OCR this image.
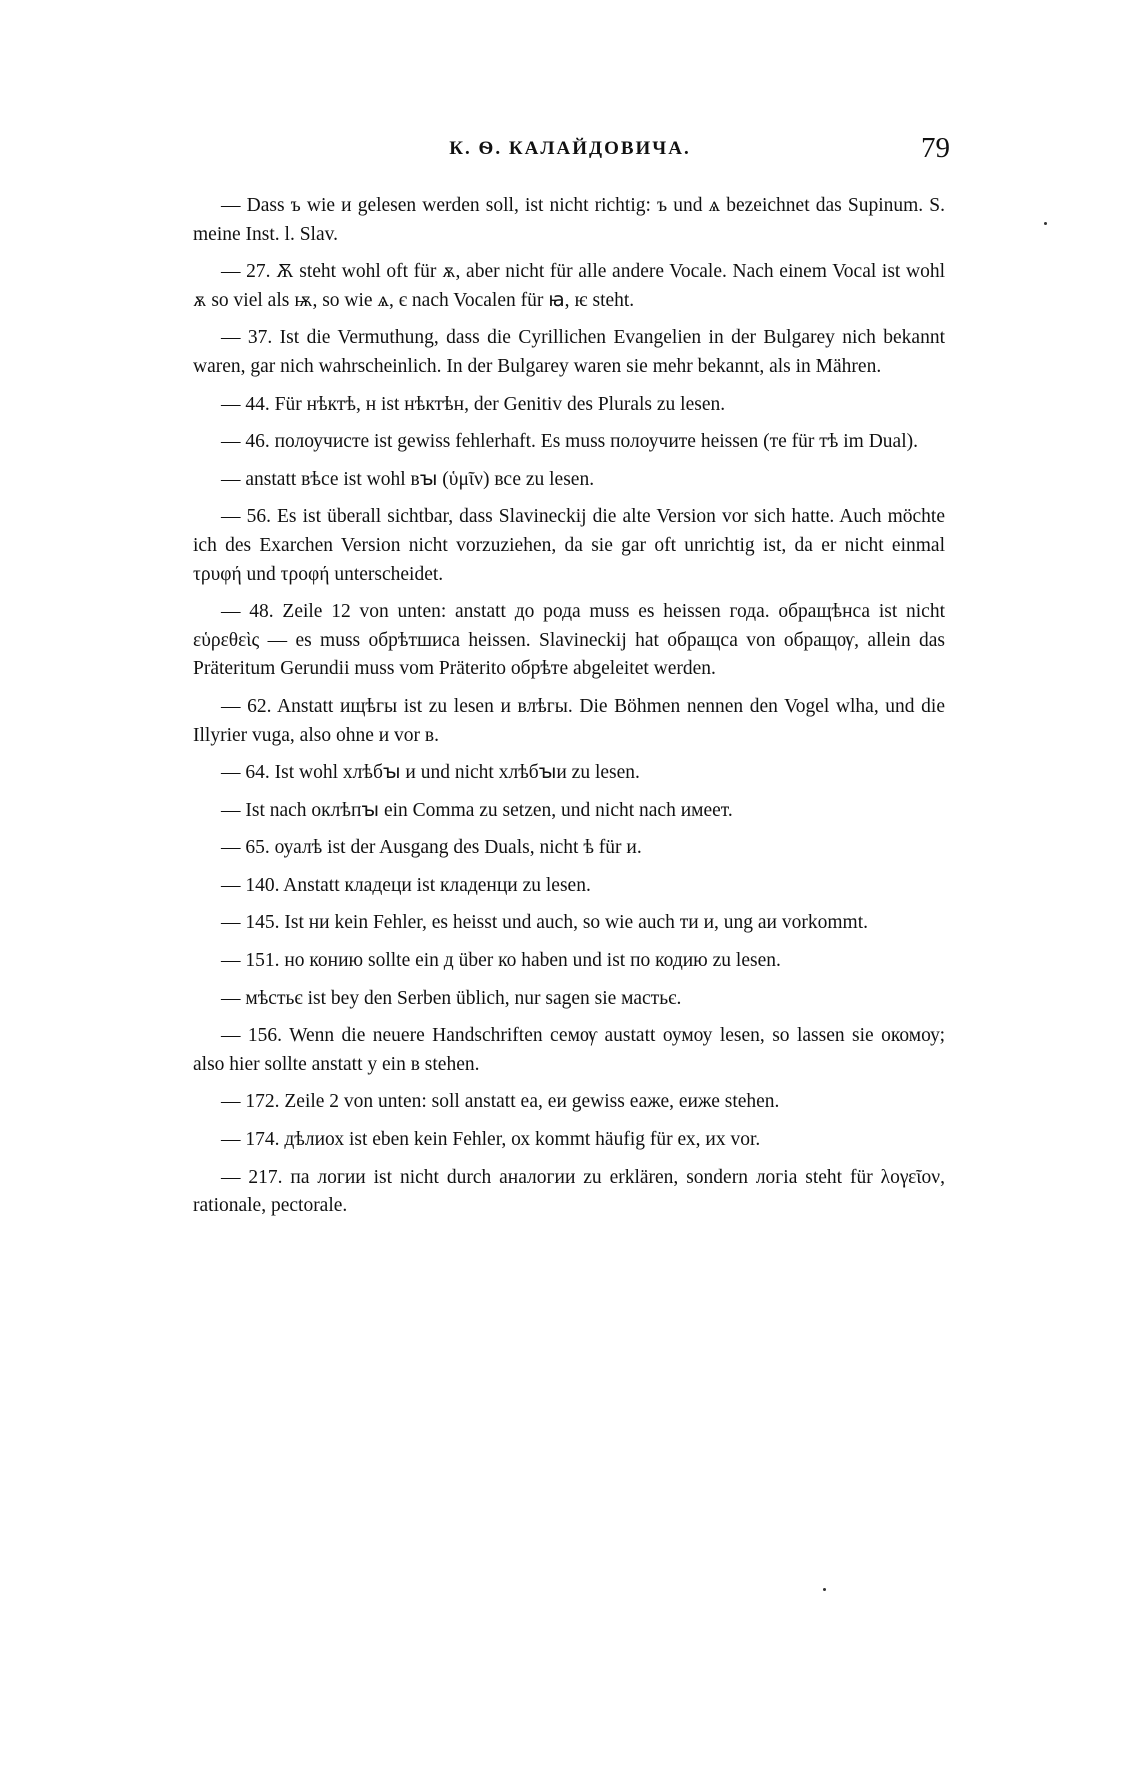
К. Ѳ. КАЛАЙДОВИЧА.	79

— Dass ъ wie и gelesen werden soll, ist nicht richtig: ъ und ѧ bezeichnet das Supinum. S. meine Inst. l. Slav.

— 27. Ѫ steht wohl oft für ѫ, aber nicht für alle andere Vocale. Nach einem Vocal ist wohl ѫ so viel als ѭ, so wie ѧ, є nach Vocalen für ꙗ, ѥ steht.

— 37. Ist die Vermuthung, dass die Cyrillichen Evangelien in der Bulgarey nich bekannt waren, gar nich wahrscheinlich. In der Bulgarey waren sie mehr bekannt, als in Mähren.

— 44. Für нѣктѣ, н ist нѣктѣн, der Genitiv des Plurals zu lesen.

— 46. полоучисте ist gewiss fehlerhaft. Es muss полоучите heissen (те für тѣ im Dual).

— anstatt вѣсе ist wohl вꙑ (ὑμῖν) все zu lesen.

— 56. Es ist überall sichtbar, dass Slavineckij die alte Version vor sich hatte. Auch möchte ich des Exarchen Version nicht vorzuziehen, da sie gar oft unrichtig ist, da er nicht einmal τρυφή und τροφή unterscheidet.

— 48. Zeile 12 von unten: anstatt до рода muss es heissen года. обращѣнса ist nicht εὑρεθεὶς — es muss обрѣтшиса heissen. Slavineckij hat обращса von обращѹ, allein das Präteritum Gerundii muss vom Präterito обрѣте abgeleitet werden.

— 62. Anstatt ищѣгы ist zu lesen и влѣгы. Die Böhmen nennen den Vogel wlha, und die Illyrier vuga, also ohne и vor в.

— 64. Ist wohl хлѣбꙑ и und nicht хлѣбꙑи zu lesen.

— Ist nach оклѣпꙑ ein Comma zu setzen, und nicht nach имеет.

— 65. оуалѣ ist der Ausgang des Duals, nicht ѣ für и.

— 140. Anstatt кладеци ist кладенци zu lesen.

— 145. Ist ни kein Fehler, es heisst und auch, so wie auch ти и, ung аи vorkommt.

— 151. но конию sollte ein д über ко haben und ist по кодию zu lesen.

— мѣстьє ist bey den Serben üblich, nur sagen sie мастьє.

— 156. Wenn die neuere Handschriften семѹ austatt оумоу lesen, so lassen sie окомоу; also hier sollte anstatt у ein в stehen.

— 172. Zeile 2 von unten: soll anstatt еа, еи gewiss еаже, еиже stehen.

— 174. дѣлиох ist eben kein Fehler, ох kommt häufig für ех, их vor.

— 217. па логии ist nicht durch аналогии zu erklären, sondern логіа steht für λογεῖον, rationale, pectorale.
